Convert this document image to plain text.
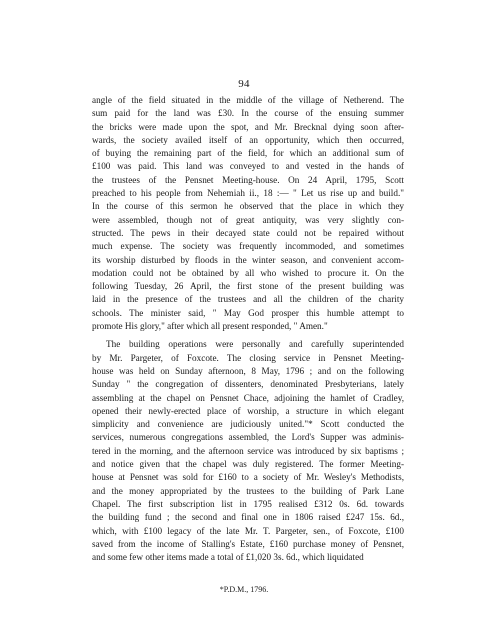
94

angle of the field situated in the middle of the village of Netherend. The
sum paid for the land was £30. In the course of the ensuing summer
the bricks were made upon the spot, and Mr. Brecknal dying soon after-
wards, the society availed itself of an opportunity, which then occurred,
of buying the remaining part of the field, for which an additional sum of
£100 was paid. This land was conveyed to and vested in the hands of
the trustees of the Pensnet Meeting-house. On 24 April, 1795, Scott
preached to his people from Nehemiah ii., 18 :— " Let us rise up and build."
In the course of this sermon he observed that the place in which they
were assembled, though not of great antiquity, was very slightly con-
structed. The pews in their decayed state could not be repaired without
much expense. The society was frequently incommoded, and sometimes
its worship disturbed by floods in the winter season, and convenient accom-
modation could not be obtained by all who wished to procure it. On the
following Tuesday, 26 April, the first stone of the present building was
laid in the presence of the trustees and all the children of the charity
schools. The minister said, " May God prosper this humble attempt to
promote His glory," after which all present responded, " Amen."

The building operations were personally and carefully superintended
by Mr. Pargeter, of Foxcote. The closing service in Pensnet Meeting-
house was held on Sunday afternoon, 8 May, 1796 ; and on the following
Sunday " the congregation of dissenters, denominated Presbyterians, lately
assembling at the chapel on Pensnet Chace, adjoining the hamlet of Cradley,
opened their newly-erected place of worship, a structure in which elegant
simplicity and convenience are judiciously united."* Scott conducted the
services, numerous congregations assembled, the Lord's Supper was adminis-
tered in the morning, and the afternoon service was introduced by six baptisms ;
and notice given that the chapel was duly registered. The former Meeting-
house at Pensnet was sold for £160 to a society of Mr. Wesley's Methodists,
and the money appropriated by the trustees to the building of Park Lane
Chapel. The first subscription list in 1795 realised £312 0s. 6d. towards
the building fund ; the second and final one in 1806 raised £247 15s. 6d.,
which, with £100 legacy of the late Mr. T. Pargeter, sen., of Foxcote, £100
saved from the income of Stalling's Estate, £160 purchase money of Pensnet,
and some few other items made a total of £1,020 3s. 6d., which liquidated

*P.D.M., 1796.
